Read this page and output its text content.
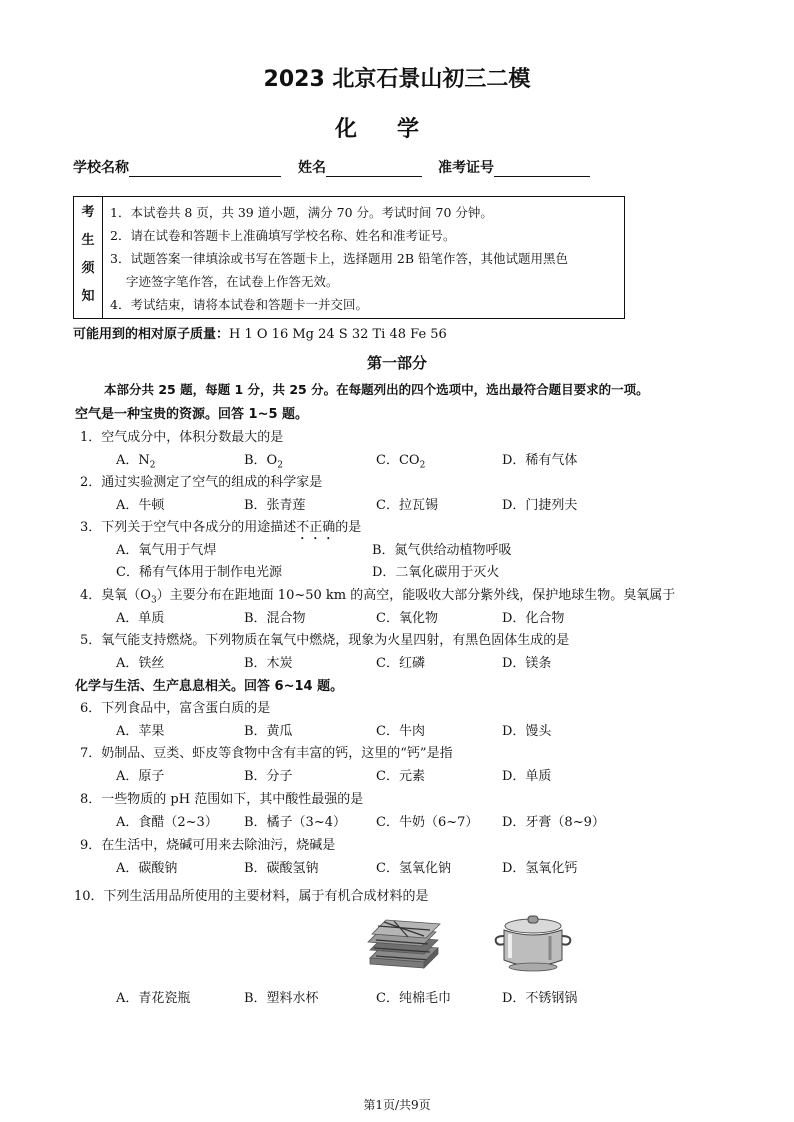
2023 北京石景山初三二模
化学
学校名称	姓名	准考证号
考
生
须
知
1．本试卷共 8 页，共 39 道小题，满分 70 分。考试时间 70 分钟。
2．请在试卷和答题卡上准确填写学校名称、姓名和准考证号。
3．试题答案一律填涂或书写在答题卡上，选择题用 2B 铅笔作答，其他试题用黑色
字迹签字笔作答，在试卷上作答无效。
4．考试结束，请将本试卷和答题卡一并交回。
可能用到的相对原子质量：H 1 O 16 Mg 24 S 32 Ti 48 Fe 56
第一部分
本部分共 25 题，每题 1 分，共 25 分。在每题列出的四个选项中，选出最符合题目要求的一项。
空气是一种宝贵的资源。回答 1~5 题。
1．空气成分中，体积分数最大的是
A．$N_2$	B．$O_2$	C．$CO_2$	D．稀有气体
2．通过实验测定了空气的组成的科学家是
A．牛顿	B．张青莲	C．拉瓦锡	D．门捷列夫
3．下列关于空气中各成分的用途描述不正确的是
A．氧气用于气焊	B．氮气供给动植物呼吸
C．稀有气体用于制作电光源	D．二氧化碳用于灭火
4．臭氧$(O_3)$主要分布在距地面 10~50 km 的高空，能吸收大部分紫外线，保护地球生物。臭氧属于
A．单质	B．混合物	C．氧化物	D．化合物
5．氧气能支持燃烧。下列物质在氧气中燃烧，现象为火星四射，有黑色固体生成的是
A．铁丝	B．木炭	C．红磷	D．镁条
化学与生活、生产息息相关。回答 6~14 题。
6．下列食品中，富含蛋白质的是
A．苹果	B．黄瓜	C．牛肉	D．馒头
7．奶制品、豆类、虾皮等食物中含有丰富的钙，这里的“钙”是指
A．原子	B．分子	C．元素	D．单质
8．一些物质的 pH 范围如下，其中酸性最强的是
A．食醋（2~3） B．橘子（3~4） C．牛奶（6~7） D．牙膏（8~9）
9．在生活中，烧碱可用来去除油污，烧碱是
A．碳酸钠	B．碳酸氢钠	C．氢氧化钠	D．氢氧化钙
10．下列生活用品所使用的主要材料，属于有机合成材料的是
A．青花瓷瓶	B．塑料水杯	C．纯棉毛巾	D．不锈钢锅
第1页/共9页
